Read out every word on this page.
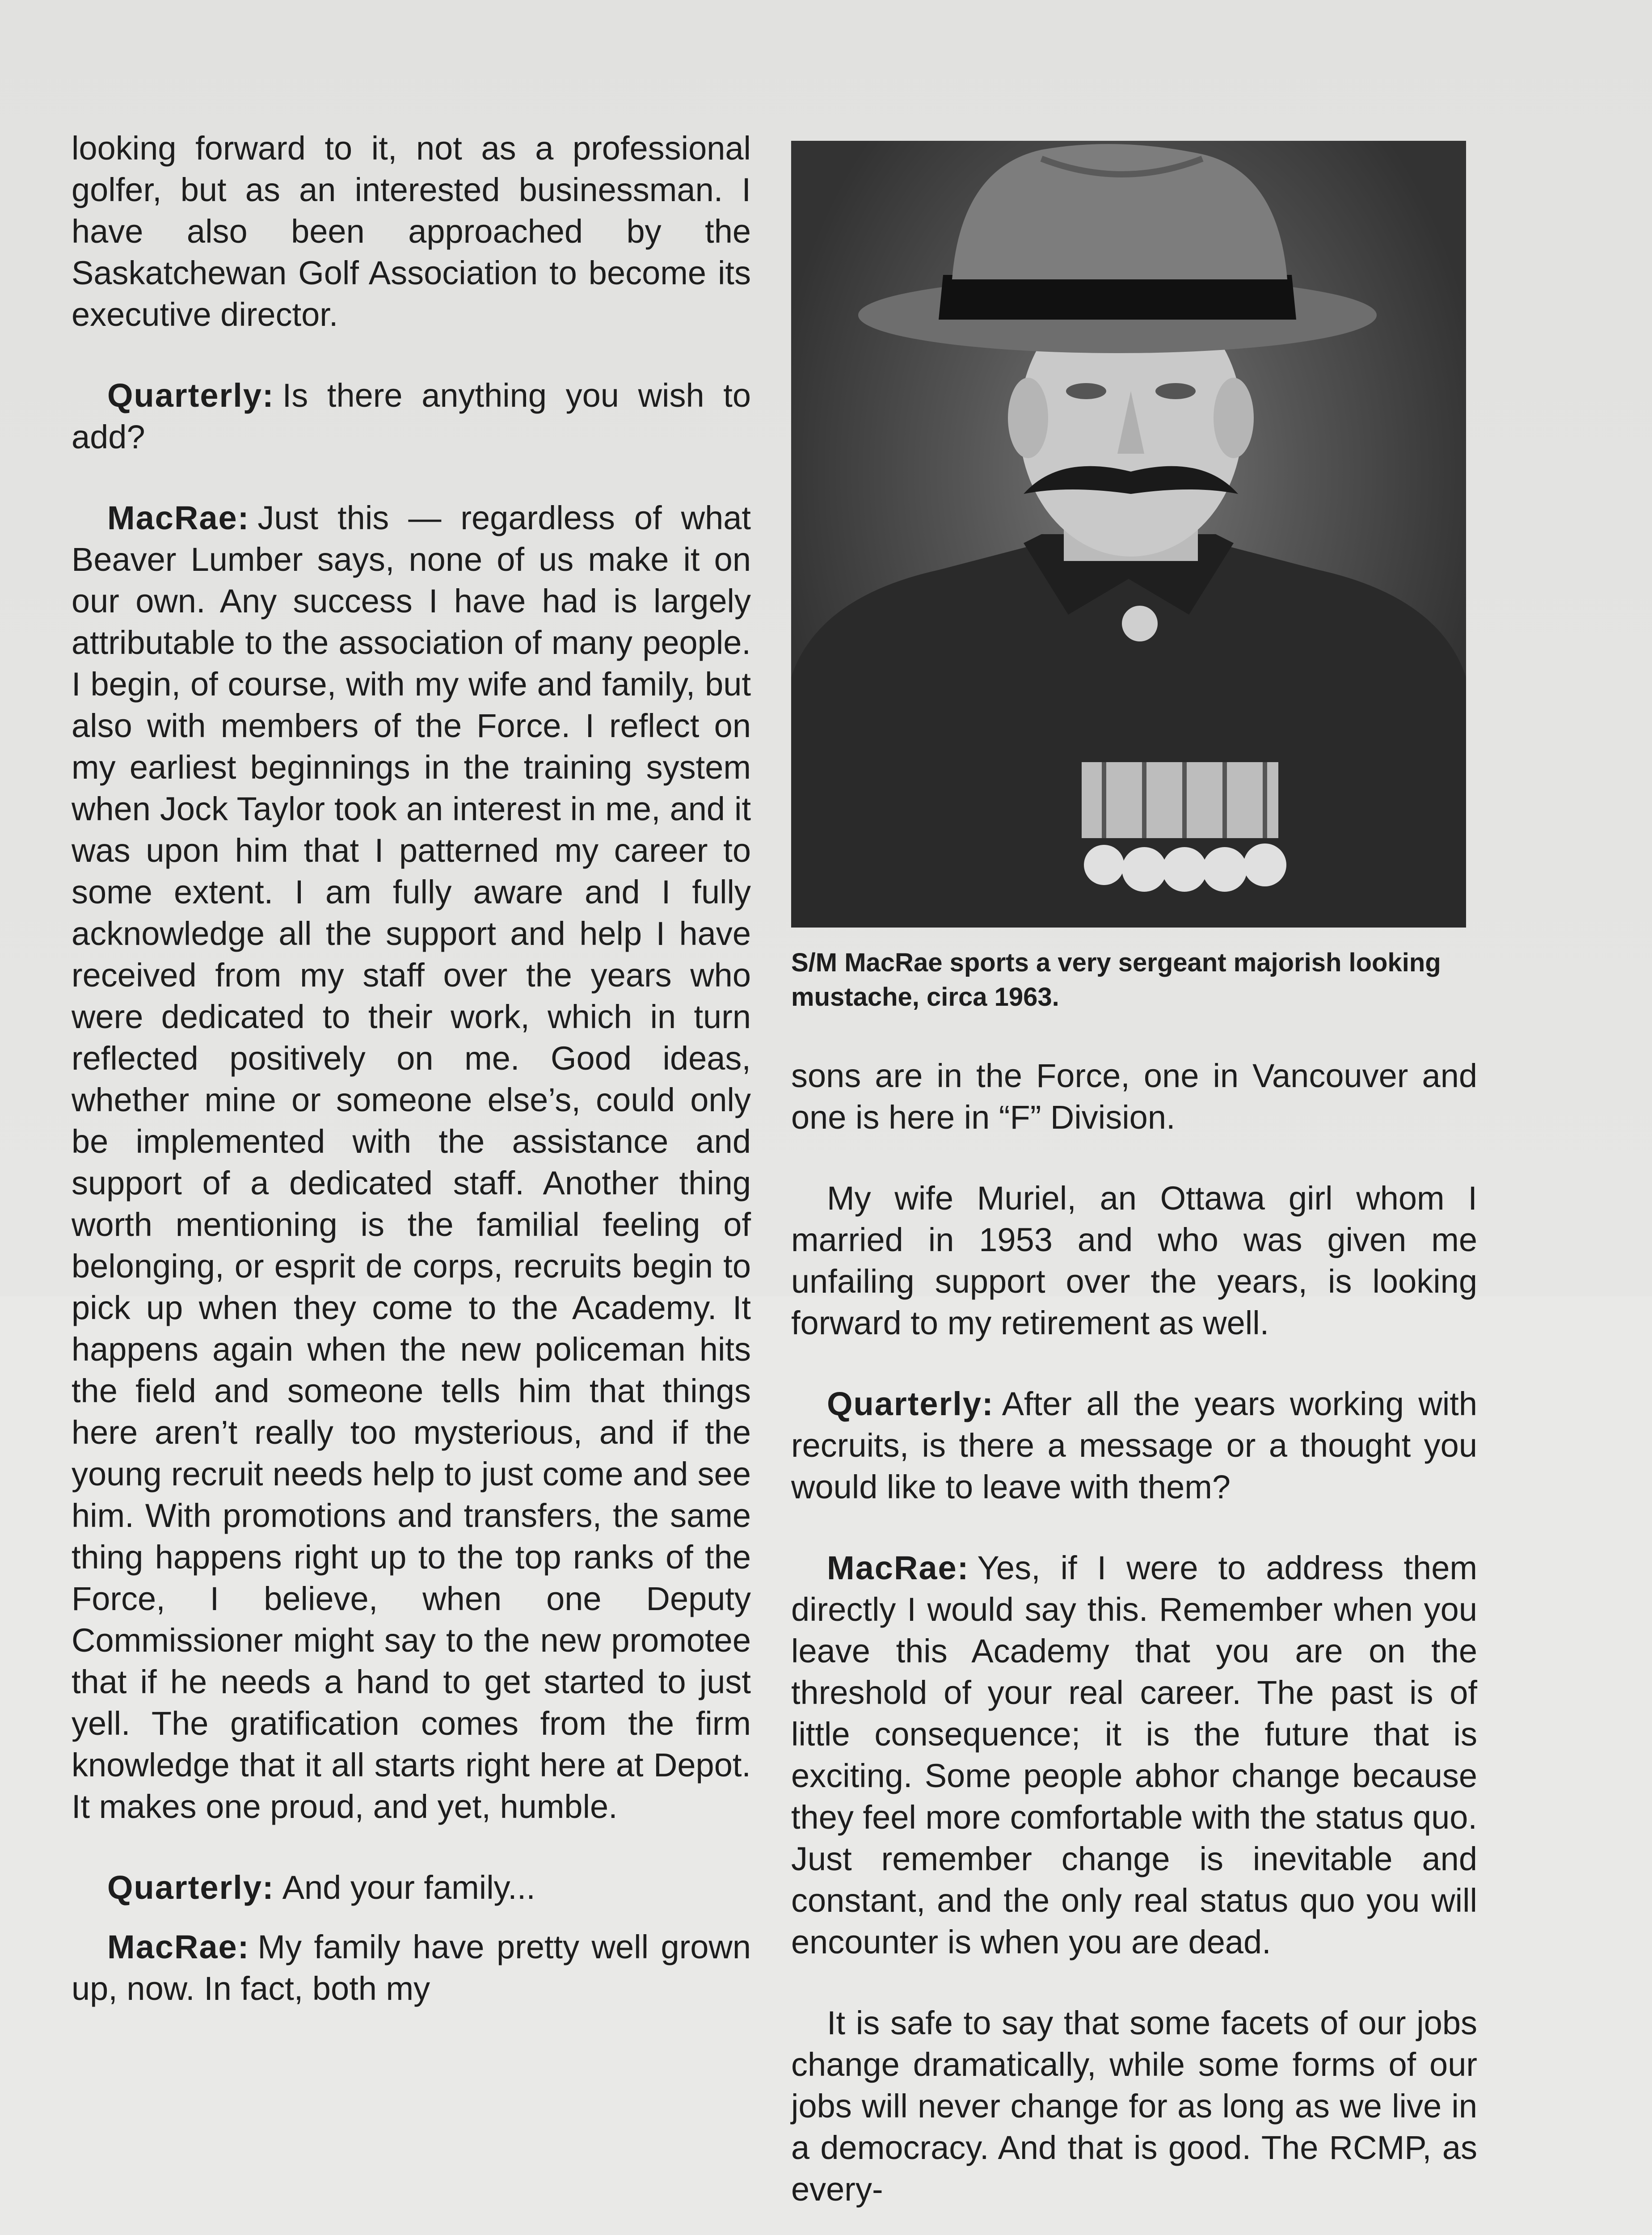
looking forward to it, not as a professional golfer, but as an interested businessman. I have also been approached by the Saskatchewan Golf Association to become its executive director.

Quarterly: Is there anything you wish to add?

MacRae: Just this — regardless of what Beaver Lumber says, none of us make it on our own. Any success I have had is largely attributable to the association of many people. I begin, of course, with my wife and family, but also with members of the Force. I reflect on my earliest beginnings in the training system when Jock Taylor took an interest in me, and it was upon him that I patterned my career to some extent. I am fully aware and I fully acknowledge all the support and help I have received from my staff over the years who were dedicated to their work, which in turn reflected positively on me. Good ideas, whether mine or someone else’s, could only be implemented with the assistance and support of a dedicated staff. Another thing worth mentioning is the familial feeling of belonging, or esprit de corps, recruits begin to pick up when they come to the Academy. It happens again when the new policeman hits the field and someone tells him that things here aren’t really too mysterious, and if the young recruit needs help to just come and see him. With promotions and transfers, the same thing happens right up to the top ranks of the Force, I believe, when one Deputy Commissioner might say to the new promotee that if he needs a hand to get started to just yell. The gratification comes from the firm knowledge that it all starts right here at Depot. It makes one proud, and yet, humble.

Quarterly: And your family...

MacRae: My family have pretty well grown up, now. In fact, both my

S/M MacRae sports a very sergeant majorish looking mustache, circa 1963.

sons are in the Force, one in Vancouver and one is here in “F” Division.

My wife Muriel, an Ottawa girl whom I married in 1953 and who was given me unfailing support over the years, is looking forward to my retirement as well.

Quarterly: After all the years working with recruits, is there a message or a thought you would like to leave with them?

MacRae: Yes, if I were to address them directly I would say this. Remember when you leave this Academy that you are on the threshold of your real career. The past is of little consequence; it is the future that is exciting. Some people abhor change because they feel more comfortable with the status quo. Just remember change is inevitable and constant, and the only real status quo you will encounter is when you are dead.

It is safe to say that some facets of our jobs change dramatically, while some forms of our jobs will never change for as long as we live in a democracy. And that is good. The RCMP, as every-
